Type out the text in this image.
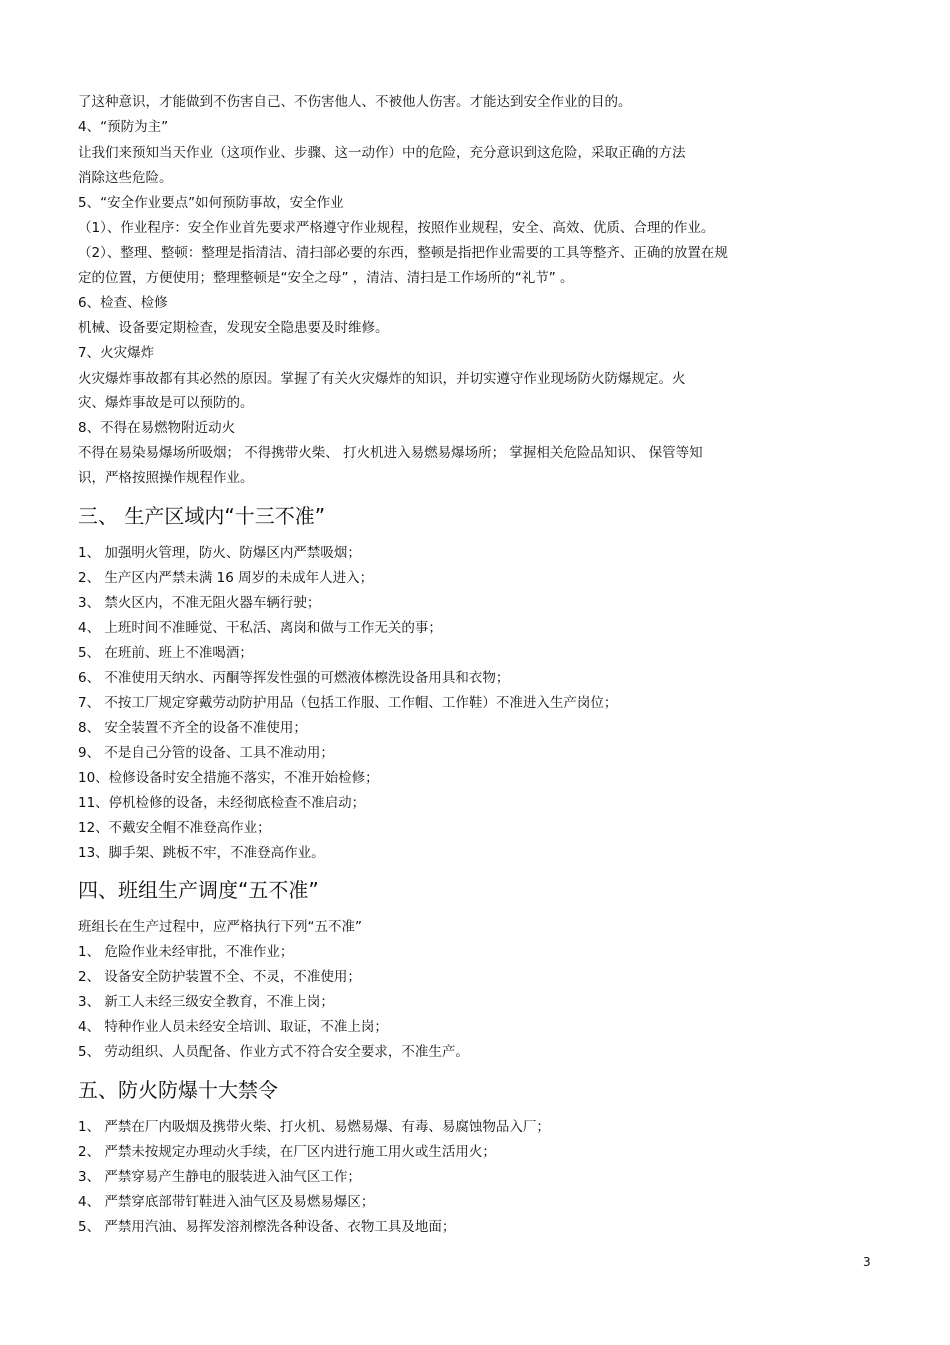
了这种意识，才能做到不伤害自己、不伤害他人、不被他人伤害。才能达到安全作业的目的。
4、“预防为主”
让我们来预知当天作业（这项作业、步骤、这一动作）中的危险，充分意识到这危险，采取正确的方法
消除这些危险。
5、“安全作业要点”如何预防事故，安全作业
（1）、作业程序：安全作业首先要求严格遵守作业规程，按照作业规程，安全、高效、优质、合理的作业。
（2）、整理、整顿：整理是指清洁、清扫部必要的东西，整顿是指把作业需要的工具等整齐、正确的放置在规
定的位置，方便使用；整理整顿是“安全之母” ，清洁、清扫是工作场所的“礼节” 。
6、检查、检修
机械、设备要定期检查，发现安全隐患要及时维修。
7、火灾爆炸
火灾爆炸事故都有其必然的原因。掌握了有关火灾爆炸的知识，并切实遵守作业现场防火防爆规定。火
灾、爆炸事故是可以预防的。
8、不得在易燃物附近动火
不得在易染易爆场所吸烟； 不得携带火柴、 打火机进入易燃易爆场所； 掌握相关危险品知识、 保管等知
识，严格按照操作规程作业。
三、 生产区域内“十三不准”
1、 加强明火管理，防火、防爆区内严禁吸烟；
2、 生产区内严禁未满 16 周岁的未成年人进入；
3、 禁火区内，不准无阻火器车辆行驶；
4、 上班时间不准睡觉、干私活、离岗和做与工作无关的事；
5、 在班前、班上不准喝酒；
6、 不准使用天纳水、丙酮等挥发性强的可燃液体檫洗设备用具和衣物；
7、 不按工厂规定穿戴劳动防护用品（包括工作服、工作帽、工作鞋）不准进入生产岗位；
8、 安全装置不齐全的设备不准使用；
9、 不是自己分管的设备、工具不准动用；
10、检修设备时安全措施不落实，不准开始检修；
11、停机检修的设备，未经彻底检查不准启动；
12、不戴安全帽不准登高作业；
13、脚手架、跳板不牢，不准登高作业。
四、班组生产调度“五不准”
班组长在生产过程中，应严格执行下列“五不准”
1、 危险作业未经审批，不准作业；
2、 设备安全防护装置不全、不灵，不准使用；
3、 新工人未经三级安全教育，不准上岗；
4、 特种作业人员未经安全培训、取证，不准上岗；
5、 劳动组织、人员配备、作业方式不符合安全要求，不准生产。
五、防火防爆十大禁令
1、 严禁在厂内吸烟及携带火柴、打火机、易燃易爆、有毒、易腐蚀物品入厂；
2、 严禁未按规定办理动火手续，在厂区内进行施工用火或生活用火；
3、 严禁穿易产生静电的服装进入油气区工作；
4、 严禁穿底部带钉鞋进入油气区及易燃易爆区；
5、 严禁用汽油、易挥发溶剂檫洗各种设备、衣物工具及地面；
3
